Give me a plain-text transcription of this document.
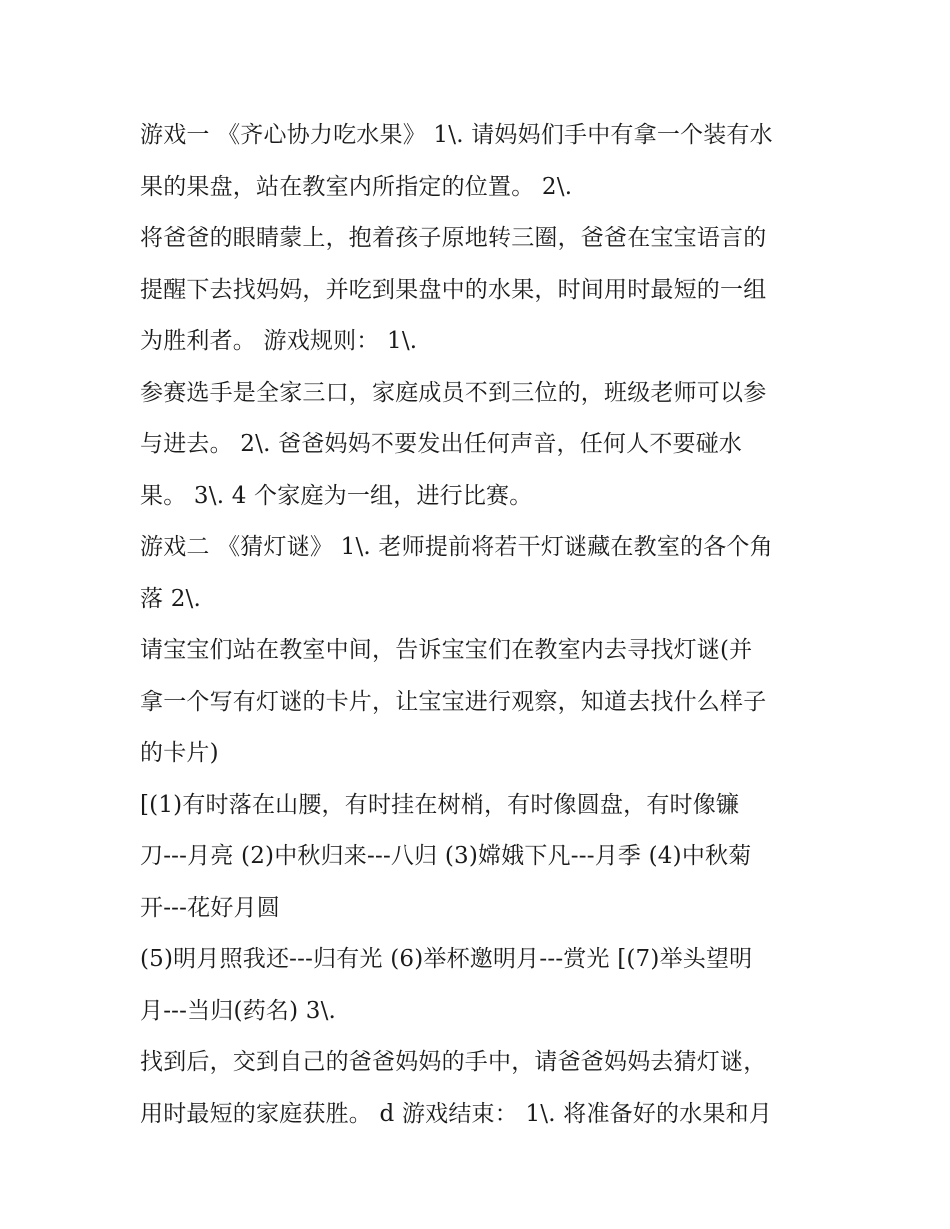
游戏一 《齐心协力吃水果》 1\. 请妈妈们手中有拿一个装有水
果的果盘，站在教室内所指定的位置。 2\.
将爸爸的眼睛蒙上，抱着孩子原地转三圈，爸爸在宝宝语言的
提醒下去找妈妈，并吃到果盘中的水果，时间用时最短的一组
为胜利者。 游戏规则： 1\.
参赛选手是全家三口，家庭成员不到三位的，班级老师可以参
与进去。 2\. 爸爸妈妈不要发出任何声音，任何人不要碰水
果。 3\. 4 个家庭为一组，进行比赛。
游戏二 《猜灯谜》 1\. 老师提前将若干灯谜藏在教室的各个角
落 2\.
请宝宝们站在教室中间，告诉宝宝们在教室内去寻找灯谜(并
拿一个写有灯谜的卡片，让宝宝进行观察，知道去找什么样子
的卡片)
[(1)有时落在山腰，有时挂在树梢，有时像圆盘，有时像镰
刀---月亮 (2)中秋归来---八归 (3)嫦娥下凡---月季 (4)中秋菊
开---花好月圆
(5)明月照我还---归有光 (6)举杯邀明月---赏光 [(7)举头望明
月---当归(药名) 3\.
找到后，交到自己的爸爸妈妈的手中，请爸爸妈妈去猜灯谜，
用时最短的家庭获胜。 d 游戏结束： 1\. 将准备好的水果和月
